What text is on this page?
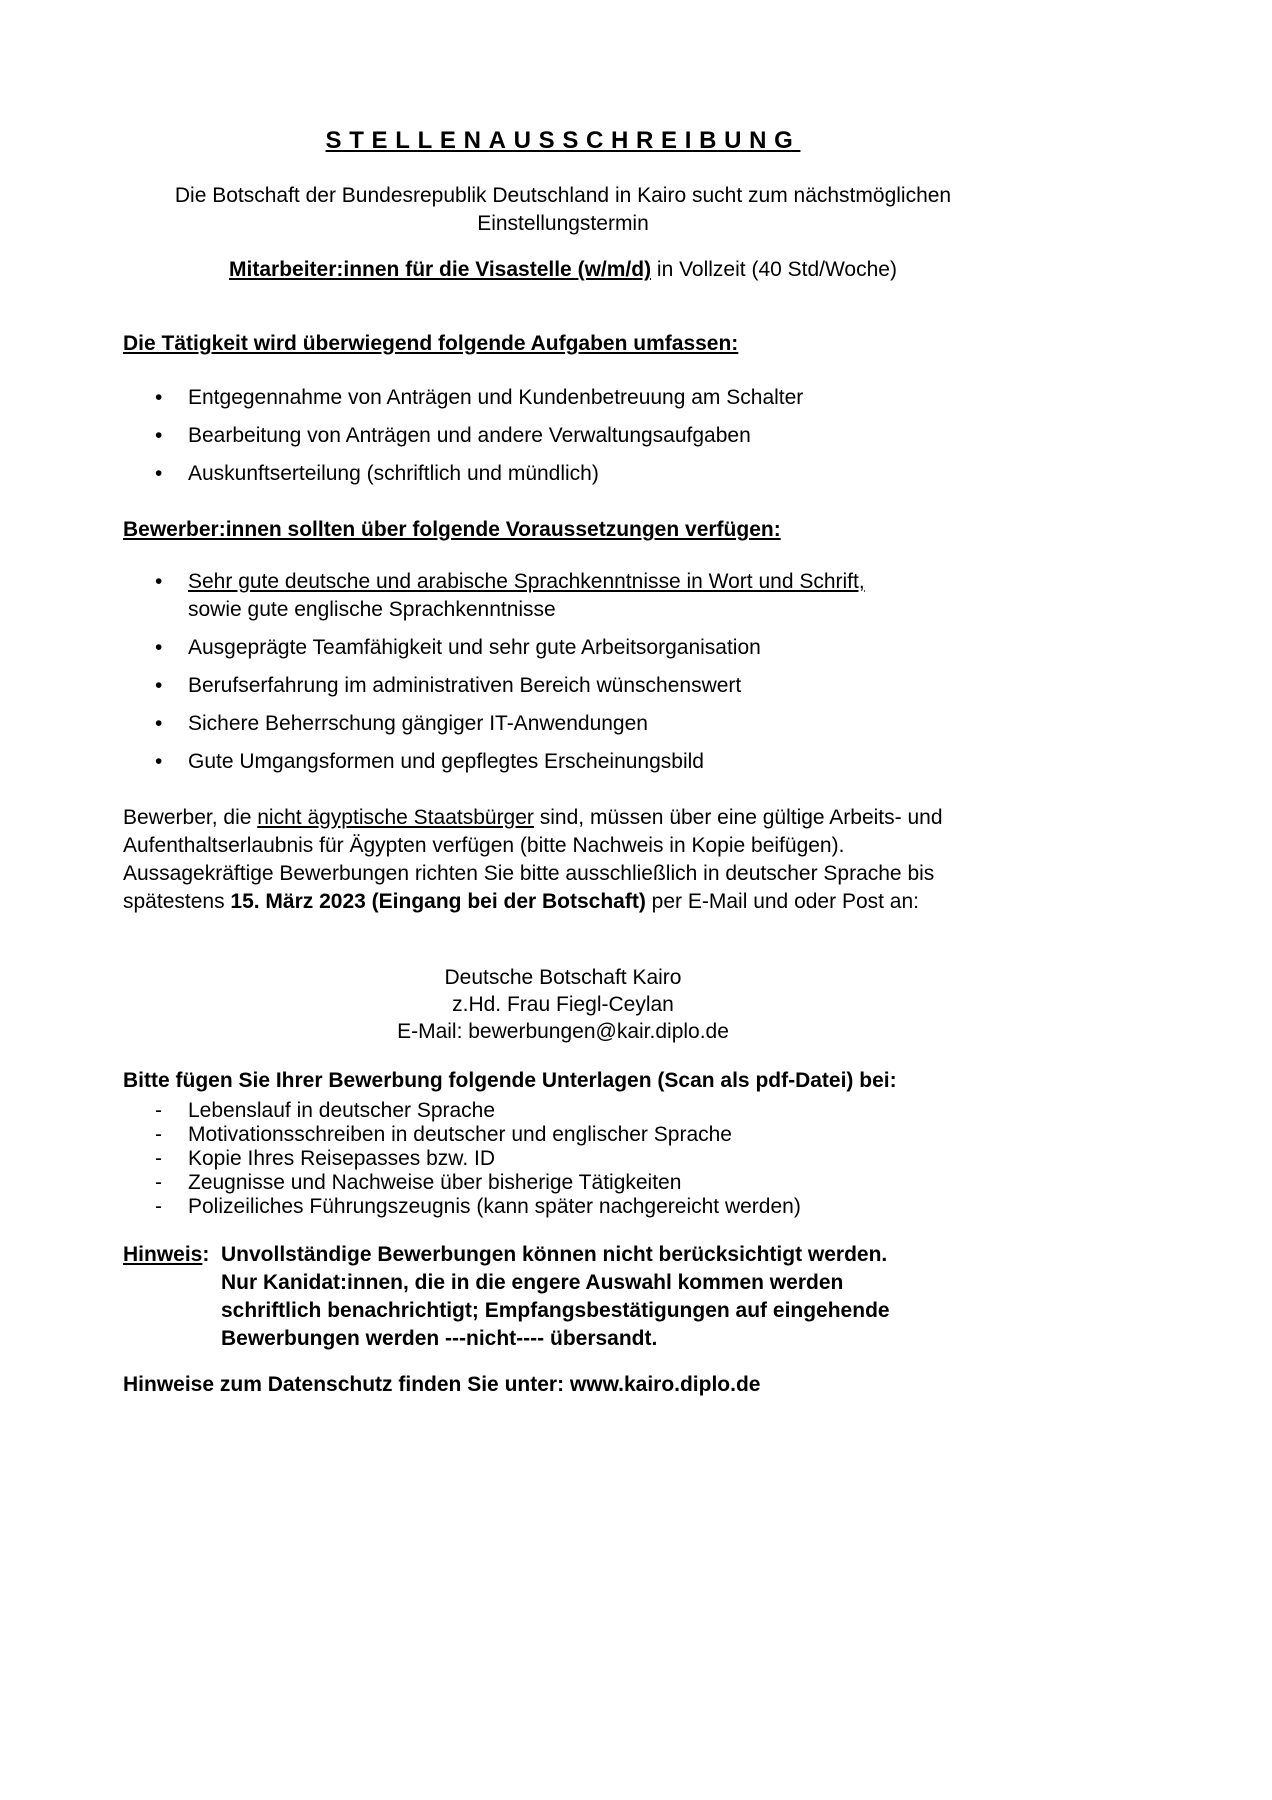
STELLENAUSSCHREIBUNG
Die Botschaft der Bundesrepublik Deutschland in Kairo sucht zum nächstmöglichen
Einstellungstermin
Mitarbeiter:innen für die Visastelle (w/m/d) in Vollzeit (40 Std/Woche)
Die Tätigkeit wird überwiegend folgende Aufgaben umfassen:
•	Entgegennahme von Anträgen und Kundenbetreuung am Schalter
•	Bearbeitung von Anträgen und andere Verwaltungsaufgaben
•	Auskunftserteilung (schriftlich und mündlich)
Bewerber:innen sollten über folgende Voraussetzungen verfügen:
•	Sehr gute deutsche und arabische Sprachkenntnisse in Wort und Schrift,
sowie gute englische Sprachkenntnisse
•	Ausgeprägte Teamfähigkeit und sehr gute Arbeitsorganisation
•	Berufserfahrung im administrativen Bereich wünschenswert
•	Sichere Beherrschung gängiger IT-Anwendungen
•	Gute Umgangsformen und gepflegtes Erscheinungsbild
Bewerber, die nicht ägyptische Staatsbürger sind, müssen über eine gültige Arbeits- und
Aufenthaltserlaubnis für Ägypten verfügen (bitte Nachweis in Kopie beifügen).
Aussagekräftige Bewerbungen richten Sie bitte ausschließlich in deutscher Sprache bis
spätestens 15. März 2023 (Eingang bei der Botschaft) per E-Mail und oder Post an:
Deutsche Botschaft Kairo
z.Hd. Frau Fiegl-Ceylan
E-Mail: bewerbungen@kair.diplo.de
Bitte fügen Sie Ihrer Bewerbung folgende Unterlagen (Scan als pdf-Datei) bei:
-	Lebenslauf in deutscher Sprache
-	Motivationsschreiben in deutscher und englischer Sprache
-	Kopie Ihres Reisepasses bzw. ID
-	Zeugnisse und Nachweise über bisherige Tätigkeiten
-	Polizeiliches Führungszeugnis (kann später nachgereicht werden)
Hinweis: Unvollständige Bewerbungen können nicht berücksichtigt werden.
Nur Kanidat:innen, die in die engere Auswahl kommen werden
schriftlich benachrichtigt; Empfangsbestätigungen auf eingehende
Bewerbungen werden ---nicht---- übersandt.
Hinweise zum Datenschutz finden Sie unter: www.kairo.diplo.de
